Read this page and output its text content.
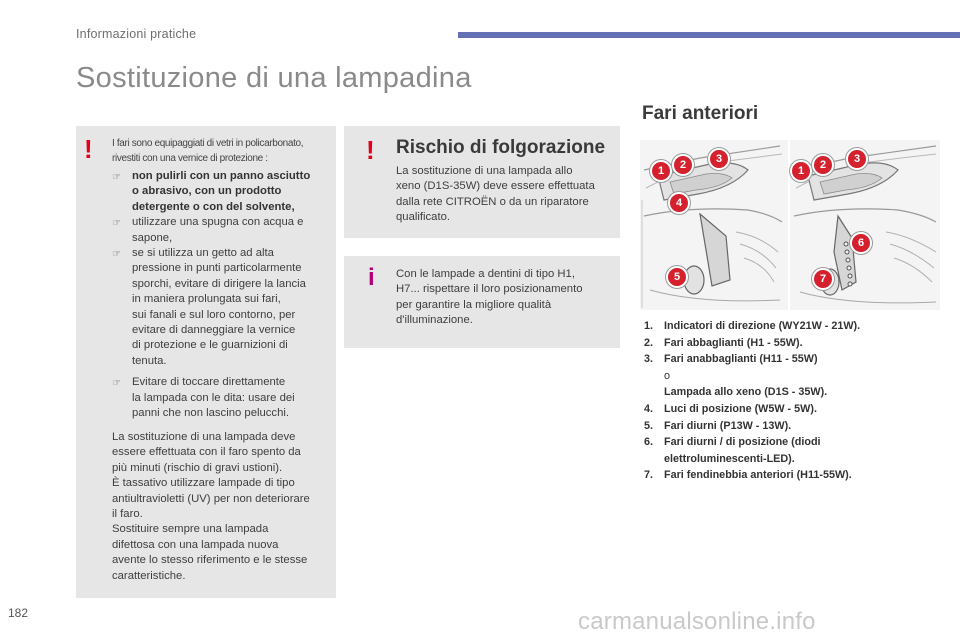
Informazioni pratiche
Sostituzione di una lampadina
! I fari sono equipaggiati di vetri in policarbonato,
rivestiti con una vernice di protezione :
☞ non pulirli con un panno asciutto
o abrasivo, con un prodotto
detergente o con del solvente,
☞ utilizzare una spugna con acqua e
sapone,
☞ se si utilizza un getto ad alta
pressione in punti particolarmente
sporchi, evitare di dirigere la lancia
in maniera prolungata sui fari,
sui fanali e sul loro contorno, per
evitare di danneggiare la vernice
di protezione e le guarnizioni di
tenuta.
☞ Evitare di toccare direttamente
la lampada con le dita: usare dei
panni che non lascino pelucchi.
La sostituzione di una lampada deve
essere effettuata con il faro spento da
più minuti (rischio di gravi ustioni).
È tassativo utilizzare lampade di tipo
antiultravioletti (UV) per non deteriorare
il faro.
Sostituire sempre una lampada
difettosa con una lampada nuova
avente lo stesso riferimento e le stesse
caratteristiche.
! Rischio di folgorazione
La sostituzione di una lampada allo
xeno (D1S-35W) deve essere effettuata
dalla rete CITROËN o da un riparatore
qualificato.
i Con le lampade a dentini di tipo H1,
H7... rispettare il loro posizionamento
per garantire la migliore qualità
d'illuminazione.
Fari anteriori
1	2	3
4
5
1	2	3
6
7
1.	Indicatori di direzione (WY21W - 21W).
2.	Fari abbaglianti (H1 - 55W).
3.	Fari anabbaglianti (H11 - 55W)
o
Lampada allo xeno (D1S - 35W).
4.	Luci di posizione (W5W - 5W).
5.	Fari diurni (P13W - 13W).
6.	Fari diurni / di posizione (diodi
elettroluminescenti-LED).
7.	Fari fendinebbia anteriori (H11-55W).
182	carmanualsonline.info
